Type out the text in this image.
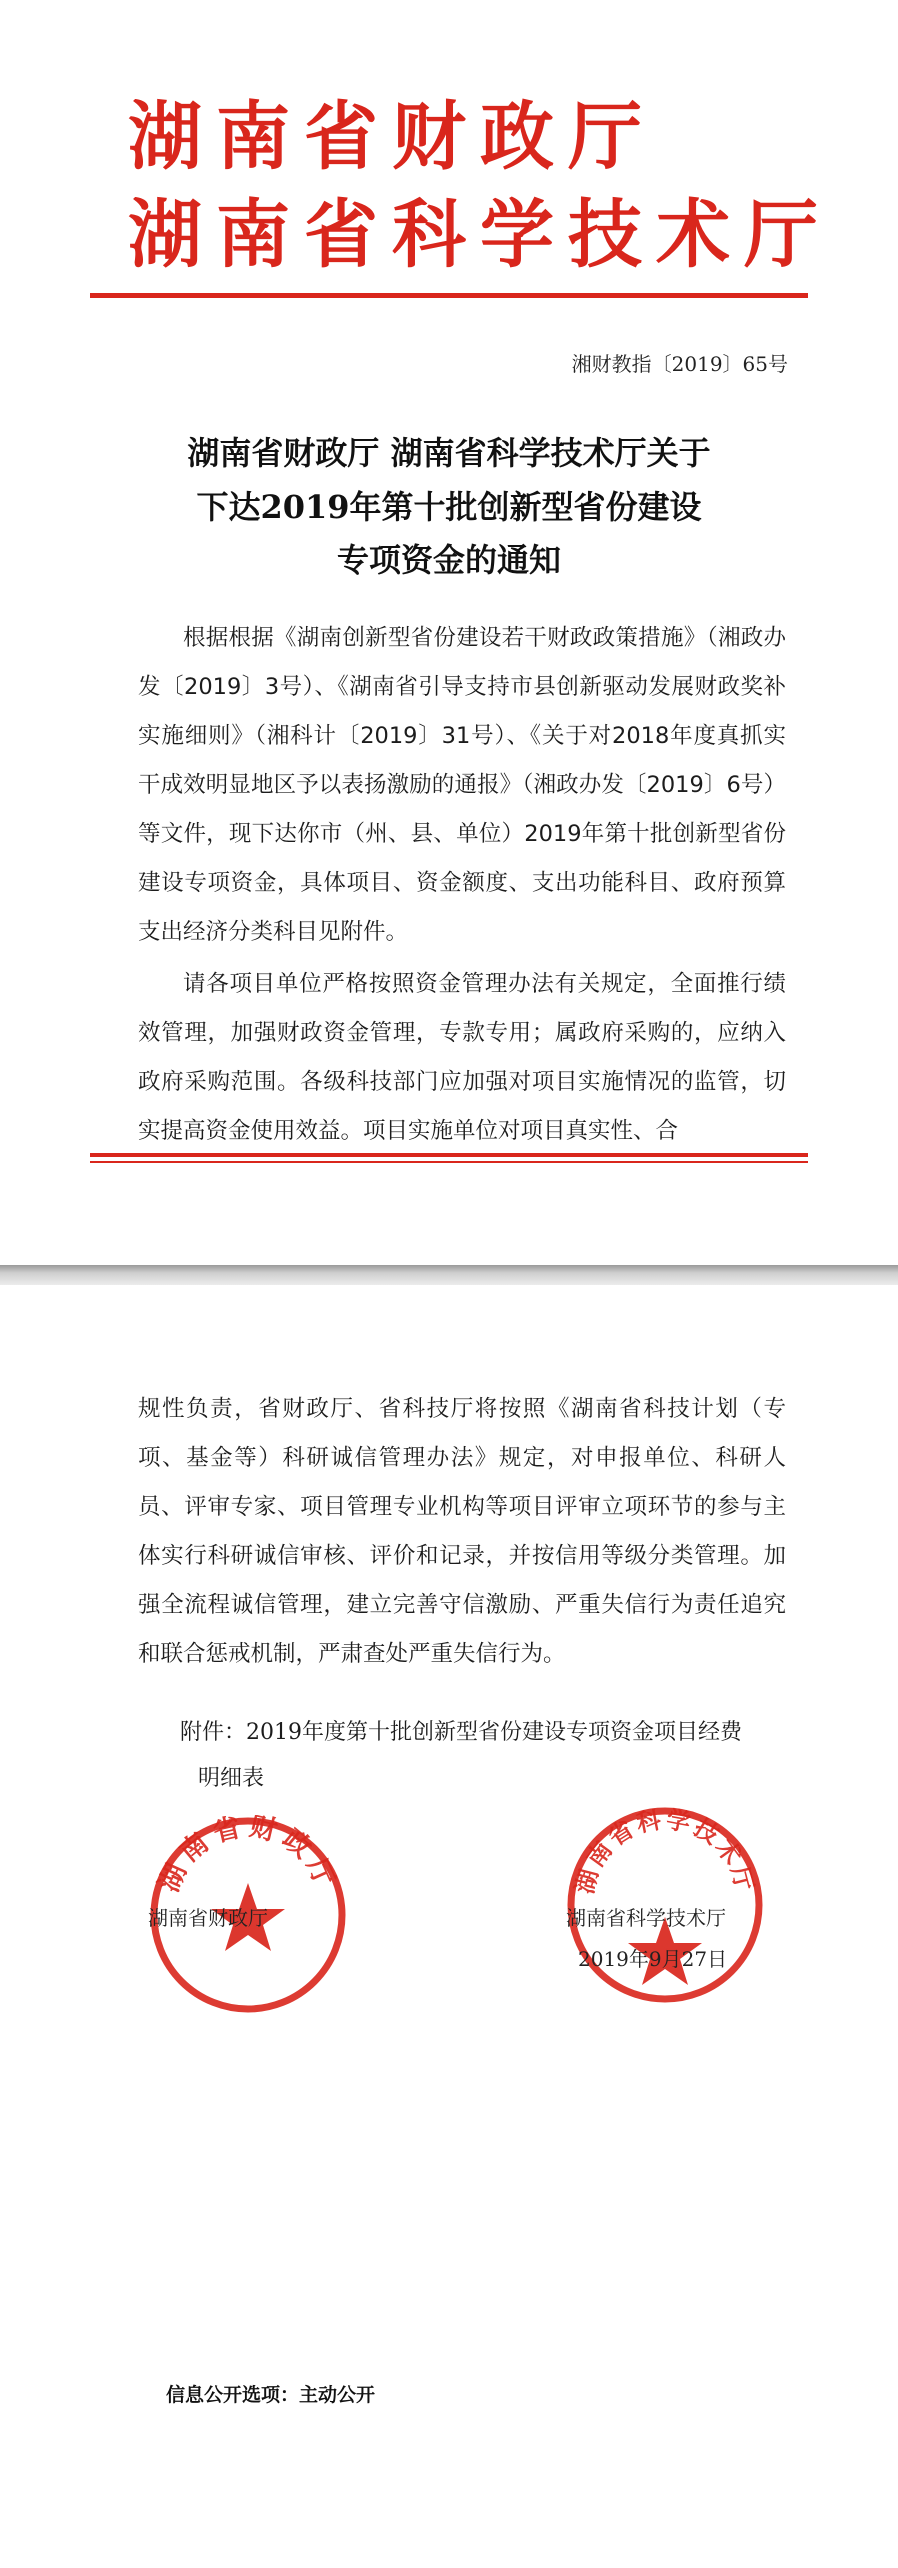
湖南省财政厅
湖南省科学技术厅
湘财教指〔2019〕65号
湖南省财政厅 湖南省科学技术厅关于
下达2019年第十批创新型省份建设
专项资金的通知
根据根据《湖南创新型省份建设若干财政政策措施》（湘政办发〔2019〕3号）、《湖南省引导支持市县创新驱动发展财政奖补实施细则》（湘科计〔2019〕31号）、《关于对2018年度真抓实干成效明显地区予以表扬激励的通报》（湘政办发〔2019〕6号）等文件，现下达你市（州、县、单位）2019年第十批创新型省份建设专项资金，具体项目、资金额度、支出功能科目、政府预算支出经济分类科目见附件。
请各项目单位严格按照资金管理办法有关规定，全面推行绩效管理，加强财政资金管理，专款专用；属政府采购的，应纳入政府采购范围。各级科技部门应加强对项目实施情况的监管，切实提高资金使用效益。项目实施单位对项目真实性、合
规性负责，省财政厅、省科技厅将按照《湖南省科技计划（专项、基金等）科研诚信管理办法》规定，对申报单位、科研人员、评审专家、项目管理专业机构等项目评审立项环节的参与主体实行科研诚信审核、评价和记录，并按信用等级分类管理。加强全流程诚信管理，建立完善守信激励、严重失信行为责任追究和联合惩戒机制，严肃查处严重失信行为。
附件：2019年度第十批创新型省份建设专项资金项目经费
明细表
湖南省财政厅	湖南省科学技术厅
湖南省财政厅	湖南省科学技术厅
2019年9月27日
信息公开选项：主动公开
